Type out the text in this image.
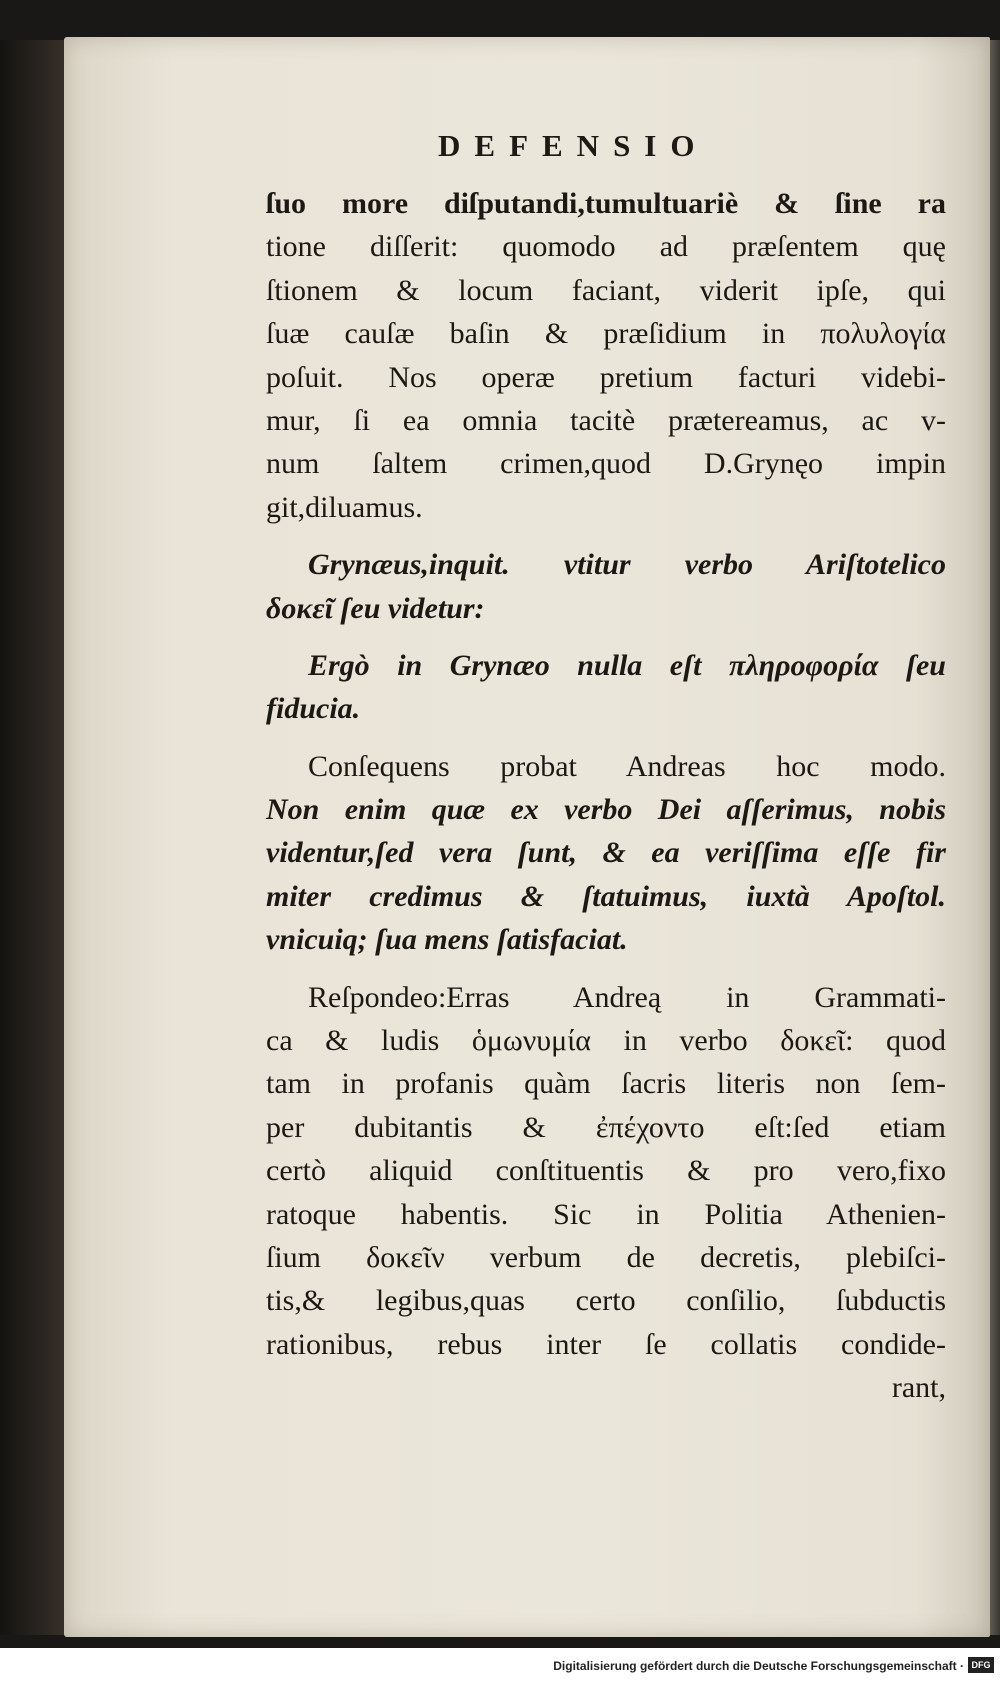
DEFENSIO
ſuo more diſputandi,tumultuariè & ſine ra
tione diſſerit: quomodo ad præſentem quę
ſtionem & locum faciant, viderit ipſe, qui
ſuæ cauſæ baſin & præſidium in πολυλογία
poſuit. Nos operæ pretium facturi videbi-
mur, ſi ea omnia tacitè prætereamus, ac v-
num ſaltem crimen,quod D.Grynęo impin
git,diluamus.
Grynæus,inquit. vtitur verbo Ariſtotelico
δοκεῖ ſeu videtur:
Ergò in Grynæo nulla eſt πληροφορία ſeu
fiducia.
Conſequens probat Andreas hoc modo.
Non enim quæ ex verbo Dei aſſerimus, nobis
videntur,ſed vera ſunt, & ea veriſſima eſſe fir
miter credimus & ſtatuimus, iuxtà Apoſtol.
vnicuiq; ſua mens ſatisfaciat.
Reſpondeo:Erras Andreą in Grammati-
ca & ludis ὁμωνυμία in verbo δοκεῖ: quod
tam in profanis quàm ſacris literis non ſem-
per dubitantis & ἐπέχοντο eſt:ſed etiam
certò aliquid conſtituentis & pro vero,fixo
ratoque habentis. Sic in Politia Athenien-
ſium δοκεῖν verbum de decretis, plebiſci-
tis,& legibus,quas certo conſilio, ſubductis
rationibus, rebus inter ſe collatis condide-
rant,
Digitalisierung gefördert durch die Deutsche Forschungsgemeinschaft · DFG
